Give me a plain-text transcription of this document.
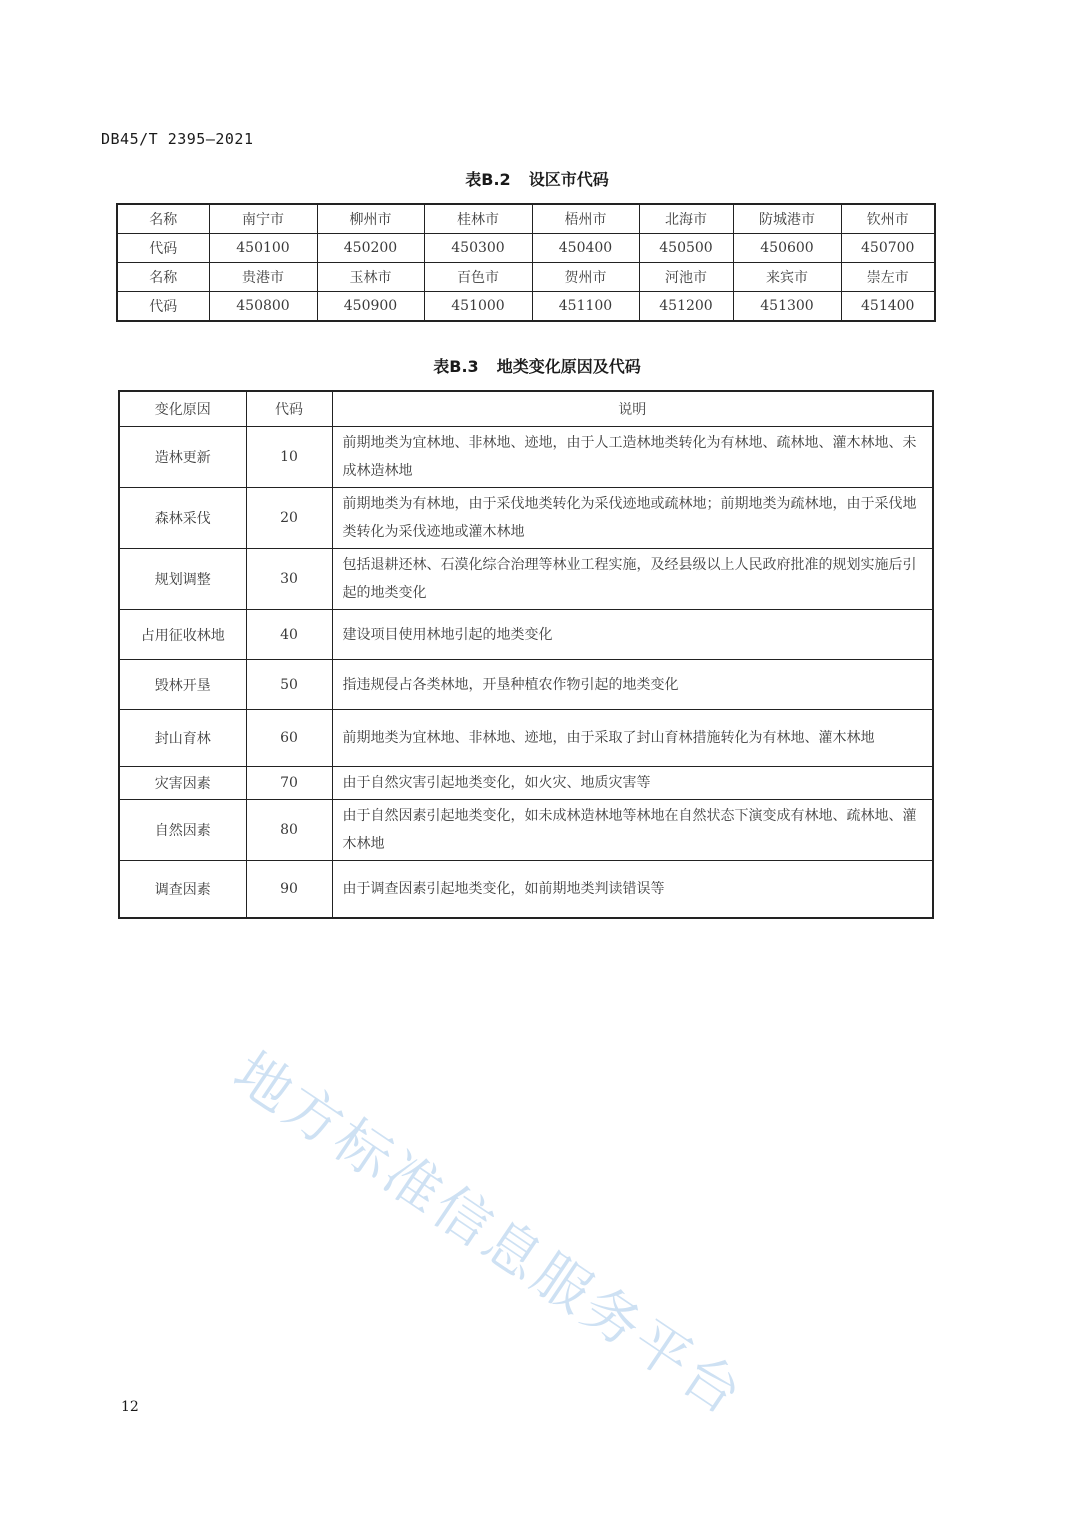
DB45/T 2395—2021
表B.2 设区市代码
名称	南宁市	柳州市	桂林市	梧州市	北海市	防城港市	钦州市
代码	450100	450200	450300	450400	450500	450600	450700
名称	贵港市	玉林市	百色市	贺州市	河池市	来宾市	崇左市
代码	450800	450900	451000	451100	451200	451300	451400
表B.3 地类变化原因及代码
变化原因	代码	说明
造林更新	10	前期地类为宜林地、非林地、迹地，由于人工造林地类转化为有林地、疏林地、灌木林地、未成林造林地
森林采伐	20	前期地类为有林地，由于采伐地类转化为采伐迹地或疏林地；前期地类为疏林地，由于采伐地类转化为采伐迹地或灌木林地
规划调整	30	包括退耕还林、石漠化综合治理等林业工程实施，及经县级以上人民政府批准的规划实施后引起的地类变化
占用征收林地	40	建设项目使用林地引起的地类变化
毁林开垦	50	指违规侵占各类林地，开垦种植农作物引起的地类变化
封山育林	60	前期地类为宜林地、非林地、迹地，由于采取了封山育林措施转化为有林地、灌木林地
灾害因素	70	由于自然灾害引起地类变化，如火灾、地质灾害等
自然因素	80	由于自然因素引起地类变化，如未成林造林地等林地在自然状态下演变成有林地、疏林地、灌木林地
调查因素	90	由于调查因素引起地类变化，如前期地类判读错误等
地方标准信息服务平台
12
